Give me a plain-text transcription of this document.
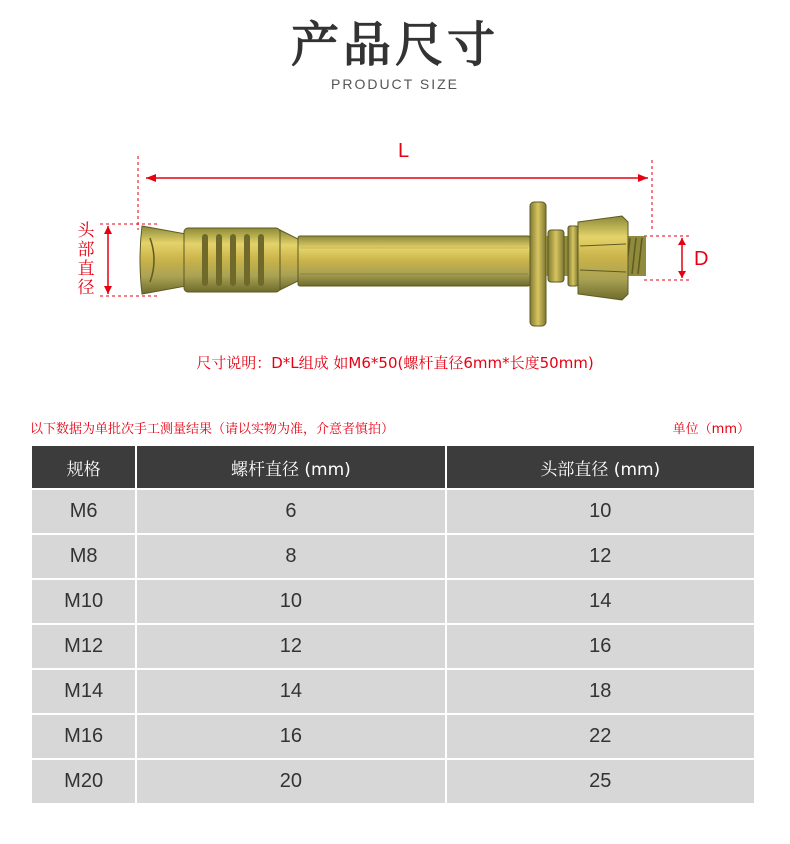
产品尺寸
PRODUCT SIZE
L
D
头
部
直
径
尺寸说明：D*L组成 如M6*50(螺杆直径6mm*长度50mm)
以下数据为单批次手工测量结果（请以实物为准，介意者慎拍）	单位（mm）
规格	螺杆直径 (mm)	头部直径 (mm)
M6	6	10
M8	8	12
M10	10	14
M12	12	16
M14	14	18
M16	16	22
M20	20	25
